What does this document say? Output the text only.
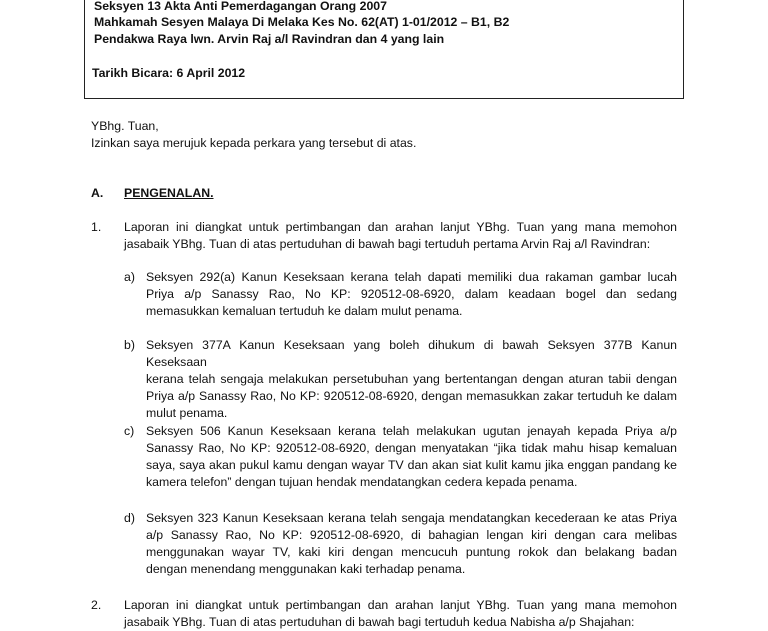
Seksyen 13 Akta Anti Pemerdagangan Orang 2007
Mahkamah Sesyen Malaya Di Melaka Kes No. 62(AT) 1-01/2012 – B1, B2
Pendakwa Raya lwn. Arvin Raj a/l Ravindran dan 4 yang lain
Tarikh Bicara: 6 April 2012
YBhg. Tuan,
Izinkan saya merujuk kepada perkara yang tersebut di atas.
A. PENGENALAN.
1. Laporan ini diangkat untuk pertimbangan dan arahan lanjut YBhg. Tuan yang mana memohon
jasabaik YBhg. Tuan di atas pertuduhan di bawah bagi tertuduh pertama Arvin Raj a/l Ravindran:
a) Seksyen 292(a) Kanun Keseksaan kerana telah dapati memiliki dua rakaman gambar lucah
Priya a/p Sanassy Rao, No KP: 920512-08-6920, dalam keadaan bogel dan sedang
memasukkan kemaluan tertuduh ke dalam mulut penama.
b) Seksyen 377A Kanun Keseksaan yang boleh dihukum di bawah Seksyen 377B Kanun Keseksaan
kerana telah sengaja melakukan persetubuhan yang bertentangan dengan aturan tabii dengan
Priya a/p Sanassy Rao, No KP: 920512-08-6920, dengan memasukkan zakar tertuduh ke dalam
mulut penama.
c) Seksyen 506 Kanun Keseksaan kerana telah melakukan ugutan jenayah kepada Priya a/p
Sanassy Rao, No KP: 920512-08-6920, dengan menyatakan “jika tidak mahu hisap kemaluan
saya, saya akan pukul kamu dengan wayar TV dan akan siat kulit kamu jika enggan pandang ke
kamera telefon” dengan tujuan hendak mendatangkan cedera kepada penama.
d) Seksyen 323 Kanun Keseksaan kerana telah sengaja mendatangkan kecederaan ke atas Priya
a/p Sanassy Rao, No KP: 920512-08-6920, di bahagian lengan kiri dengan cara melibas
menggunakan wayar TV, kaki kiri dengan mencucuh puntung rokok dan belakang badan
dengan menendang menggunakan kaki terhadap penama.
2. Laporan ini diangkat untuk pertimbangan dan arahan lanjut YBhg. Tuan yang mana memohon
jasabaik YBhg. Tuan di atas pertuduhan di bawah bagi tertuduh kedua Nabisha a/p Shajahan:
